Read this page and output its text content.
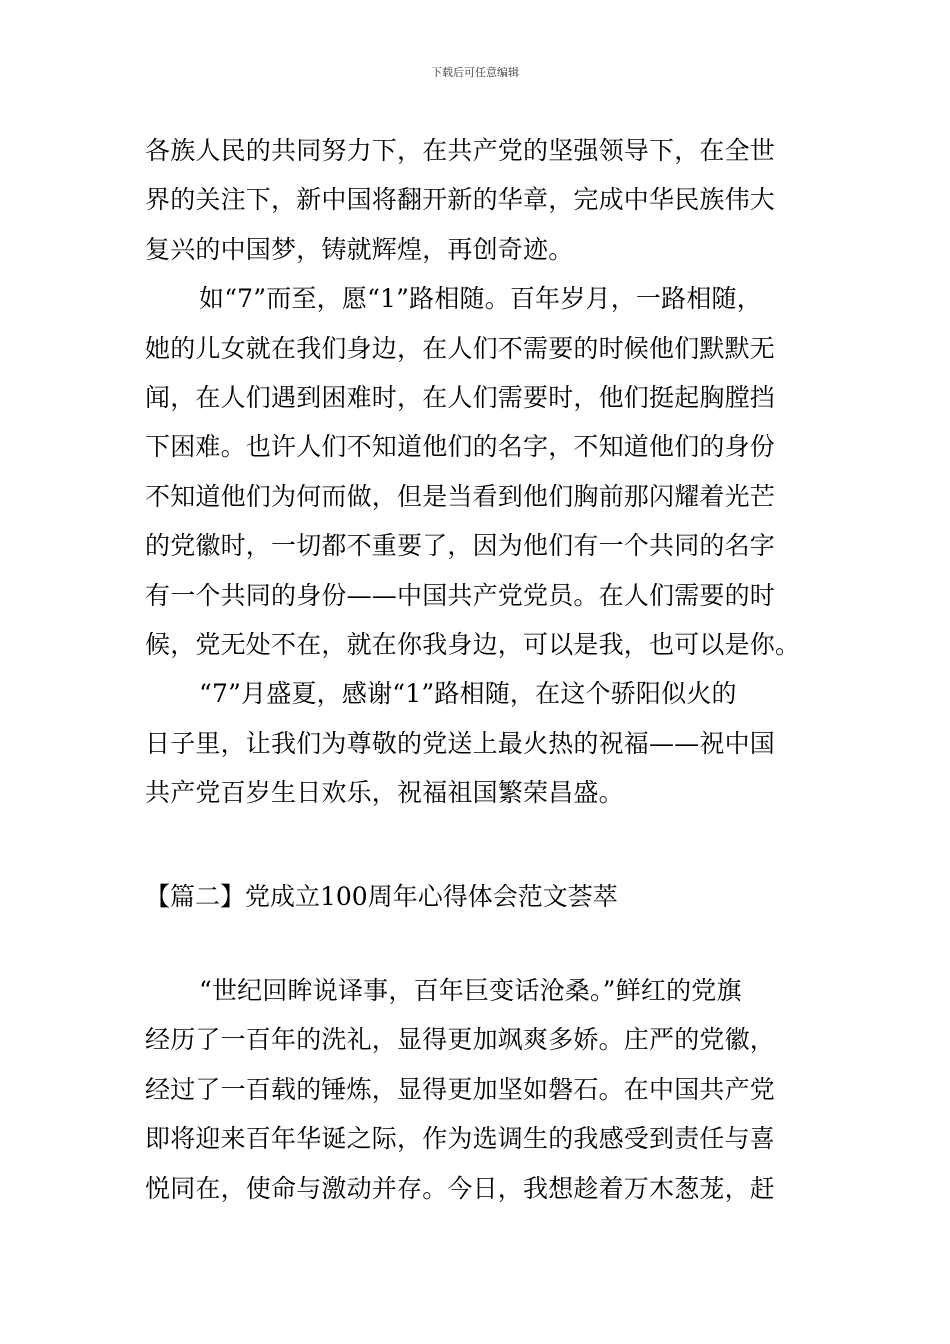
下载后可任意编辑
各族人民的共同努力下，在共产党的坚强领导下，在全世
界的关注下，新中国将翻开新的华章，完成中华民族伟大
复兴的中国梦，铸就辉煌，再创奇迹。
如“7”而至，愿“1”路相随。百年岁月，一路相随，
她的儿女就在我们身边，在人们不需要的时候他们默默无
闻，在人们遇到困难时，在人们需要时，他们挺起胸膛挡
下困难。也许人们不知道他们的名字，不知道他们的身份
不知道他们为何而做，但是当看到他们胸前那闪耀着光芒
的党徽时，一切都不重要了，因为他们有一个共同的名字
有一个共同的身份——中国共产党党员。在人们需要的时
候，党无处不在，就在你我身边，可以是我，也可以是你。
“7”月盛夏，感谢“1”路相随，在这个骄阳似火的
日子里，让我们为尊敬的党送上最火热的祝福——祝中国
共产党百岁生日欢乐，祝福祖国繁荣昌盛。
【篇二】党成立100周年心得体会范文荟萃
“世纪回眸说译事，百年巨变话沧桑。”鲜红的党旗
经历了一百年的洗礼，显得更加飒爽多娇。庄严的党徽，
经过了一百载的锤炼，显得更加坚如磐石。在中国共产党
即将迎来百年华诞之际，作为选调生的我感受到责任与喜
悦同在，使命与激动并存。今日，我想趁着万木葱茏，赶
